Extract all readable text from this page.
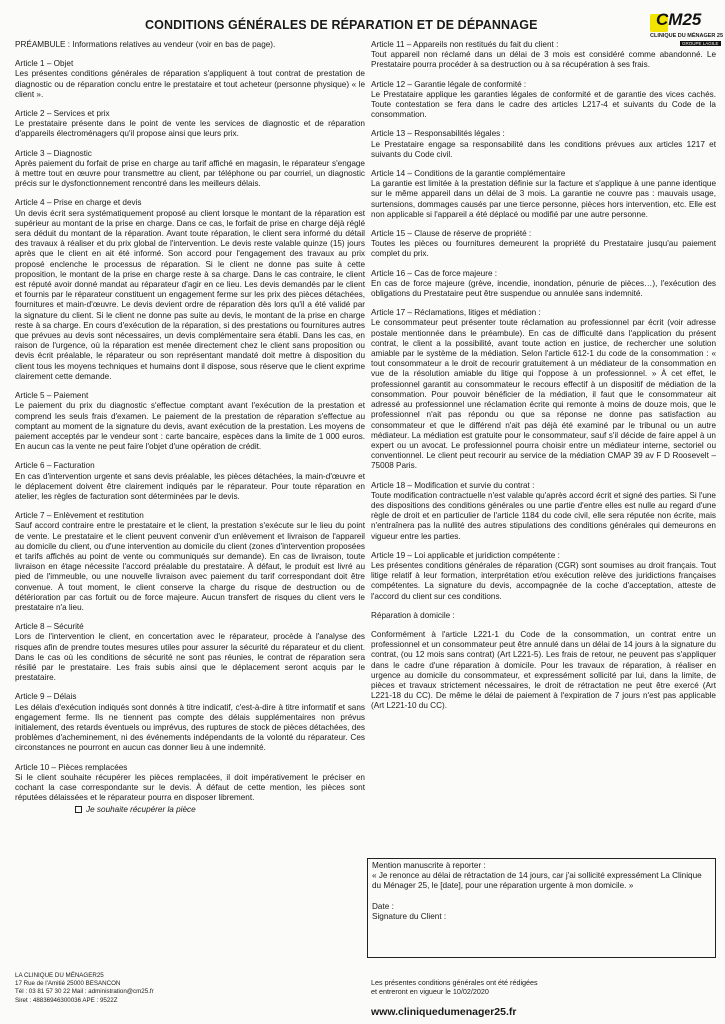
CONDITIONS GÉNÉRALES DE RÉPARATION ET DE DÉPANNAGE	CM25
CLINIQUE DU MÉNAGER 25
GROUPE LAGILE
PRÉAMBULE : Informations relatives au vendeur (voir en bas de page).
Article 1 – Objet
Les présentes conditions générales de réparation s'appliquent à tout contrat de prestation de diagnostic ou de réparation conclu entre le prestataire et tout acheteur (personne physique) « le client ».
Article 2 – Services et prix
Le prestataire présente dans le point de vente les services de diagnostic et de réparation d'appareils électroménagers qu'il propose ainsi que leurs prix.
Article 3 – Diagnostic
Après paiement du forfait de prise en charge au tarif affiché en magasin, le réparateur s'engage à mettre tout en œuvre pour transmettre au client, par téléphone ou par courriel, un diagnostic précis sur le dysfonctionnement rencontré dans les meilleurs délais.
Article 4 – Prise en charge et devis
Un devis écrit sera systématiquement proposé au client lorsque le montant de la réparation est supérieur au montant de la prise en charge. Dans ce cas, le forfait de prise en charge déjà réglé sera déduit du montant de la réparation. Avant toute réparation, le client sera informé du détail des travaux à réaliser et du prix global de l'intervention. Le devis reste valable quinze (15) jours après que le client en ait été informé. Son accord pour l'engagement des travaux au prix proposé enclenche le processus de réparation. Si le client ne donne pas suite à cette proposition, le montant de la prise en charge reste à sa charge. Dans le cas contraire, le client est réputé avoir donné mandat au réparateur d'agir en ce lieu. Les devis demandés par le client et fournis par le réparateur constituent un engagement ferme sur les prix des pièces détachées, fournitures et main-d'œuvre. Le devis devient ordre de réparation dès lors qu'il a été validé par la signature du client. Si le client ne donne pas suite au devis, le montant de la prise en charge reste à sa charge. En cours d'exécution de la réparation, si des prestations ou fournitures autres que prévues au devis sont nécessaires, un devis complémentaire sera établi. Dans les cas, en raison de l'urgence, où la réparation est menée directement chez le client sans proposition ou devis écrit préalable, le réparateur ou son représentant mandaté doit mettre à disposition du client tous les moyens techniques et humains dont il dispose, sous réserve que le client exprime clairement cette demande.
Article 5 – Paiement
Le paiement du prix du diagnostic s'effectue comptant avant l'exécution de la prestation et comprend les seuls frais d'examen. Le paiement de la prestation de réparation s'effectue au comptant au moment de la signature du devis, avant exécution de la prestation. Les moyens de paiement acceptés par le vendeur sont : carte bancaire, espèces dans la limite de 1 000 euros. En aucun cas la vente ne peut faire l'objet d'une opération de crédit.
Article 6 – Facturation
En cas d'intervention urgente et sans devis préalable, les pièces détachées, la main-d'œuvre et le déplacement doivent être clairement indiqués par le réparateur. Pour toute réparation en atelier, les règles de facturation sont déterminées par le devis.
Article 7 – Enlèvement et restitution
Sauf accord contraire entre le prestataire et le client, la prestation s'exécute sur le lieu du point de vente. Le prestataire et le client peuvent convenir d'un enlèvement et livraison de l'appareil au domicile du client, ou d'une intervention au domicile du client (zones d'intervention proposées et tarifs affichés au point de vente ou communiqués sur demande). En cas de livraison, toute livraison en étage nécessite l'accord préalable du prestataire. À défaut, le produit est livré au pied de l'immeuble, ou une nouvelle livraison avec paiement du tarif correspondant doit être convenue. À tout moment, le client conserve la charge du risque de destruction ou de détérioration par cas fortuit ou de force majeure. Aucun transfert de risques du client vers le prestataire n'a lieu.
Article 8 – Sécurité
Lors de l'intervention le client, en concertation avec le réparateur, procède à l'analyse des risques afin de prendre toutes mesures utiles pour assurer la sécurité du réparateur et du client. Dans le cas où les conditions de sécurité ne sont pas réunies, le contrat de réparation sera résilié par le prestataire. Les frais subis ainsi que le déplacement seront acquis par le prestataire.
Article 9 – Délais
Les délais d'exécution indiqués sont donnés à titre indicatif, c'est-à-dire à titre informatif et sans engagement ferme. Ils ne tiennent pas compte des délais supplémentaires non prévus initialement, des retards éventuels ou imprévus, des ruptures de stock de pièces détachées, des problèmes d'acheminement, ni des événements indépendants de la volonté du réparateur. Ces circonstances ne pourront en aucun cas donner lieu à une indemnité.
Article 10 – Pièces remplacées
Si le client souhaite récupérer les pièces remplacées, il doit impérativement le préciser en cochant la case correspondante sur le devis. À défaut de cette mention, les pièces sont réputées délaissées et le réparateur pourra en disposer librement.
Je souhaite récupérer la pièce
Article 11 – Appareils non restitués du fait du client :
Tout appareil non réclamé dans un délai de 3 mois est considéré comme abandonné. Le Prestataire pourra procéder à sa destruction ou à sa récupération à ses frais.
Article 12 – Garantie légale de conformité :
Le Prestataire applique les garanties légales de conformité et de garantie des vices cachés. Toute contestation se fera dans le cadre des articles L217-4 et suivants du Code de la consommation.
Article 13 – Responsabilités légales :
Le Prestataire engage sa responsabilité dans les conditions prévues aux articles 1217 et suivants du Code civil.
Article 14 – Conditions de la garantie complémentaire
La garantie est limitée à la prestation définie sur la facture et s'applique à une panne identique sur le même appareil dans un délai de 3 mois. La garantie ne couvre pas : mauvais usage, surtensions, dommages causés par une tierce personne, pièces hors intervention, etc. Elle est non applicable si l'appareil a été déplacé ou modifié par une autre personne.
Article 15 – Clause de réserve de propriété :
Toutes les pièces ou fournitures demeurent la propriété du Prestataire jusqu'au paiement complet du prix.
Article 16 – Cas de force majeure :
En cas de force majeure (grève, incendie, inondation, pénurie de pièces…), l'exécution des obligations du Prestataire peut être suspendue ou annulée sans indemnité.
Article 17 – Réclamations, litiges et médiation :
Le consommateur peut présenter toute réclamation au professionnel par écrit (voir adresse postale mentionnée dans le préambule). En cas de difficulté dans l'application du présent contrat, le client a la possibilité, avant toute action en justice, de rechercher une solution amiable par le système de la médiation. Selon l'article 612-1 du code de la consommation : « tout consommateur a le droit de recourir gratuitement à un médiateur de la consommation en vue de la résolution amiable du litige qui l'oppose à un professionnel. » À cet effet, le professionnel garantit au consommateur le recours effectif à un dispositif de médiation de la consommation. Pour pouvoir bénéficier de la médiation, il faut que le consommateur ait adressé au professionnel une réclamation écrite qui remonte à moins de douze mois, que le professionnel n'ait pas répondu ou que sa réponse ne donne pas satisfaction au consommateur et que le différend n'ait pas déjà été examiné par le tribunal ou un autre médiateur. La médiation est gratuite pour le consommateur, sauf s'il décide de faire appel à un expert ou un avocat. Le professionnel pourra choisir entre un médiateur interne, sectoriel ou conventionnel. Le client peut recourir au service de la médiation CMAP 39 av F D Roosevelt – 75008 Paris.
Article 18 – Modification et survie du contrat :
Toute modification contractuelle n'est valable qu'après accord écrit et signé des parties. Si l'une des dispositions des conditions générales ou une partie d'entre elles est nulle au regard d'une règle de droit et en particulier de l'article 1184 du code civil, elle sera réputée non écrite, mais n'entraînera pas la nullité des autres stipulations des conditions générales qui demeurons en vigueur entre les parties.
Article 19 – Loi applicable et juridiction compétente :
Les présentes conditions générales de réparation (CGR) sont soumises au droit français. Tout litige relatif à leur formation, interprétation et/ou exécution relève des juridictions françaises compétentes. La signature du devis, accompagnée de la coche d'acceptation, atteste de l'accord du client sur ces conditions.
Réparation à domicile :
Conformément à l'article L221-1 du Code de la consommation, un contrat entre un professionnel et un consommateur peut être annulé dans un délai de 14 jours à la signature du contrat, (ou 12 mois sans contrat) (Art L221-5). Les frais de retour, ne peuvent pas s'appliquer dans le cadre d'une réparation à domicile. Pour les travaux de réparation, à réaliser en urgence au domicile du consommateur, et expressément sollicité par lui, dans la limite, de pièces et travaux strictement nécessaires, le droit de rétractation ne peut être exercé (Art L221-18 du CC). De même le délai de paiement à l'expiration de 7 jours n'est pas applicable (Art L221-10 du CC).
Mention manuscrite à reporter :
« Je renonce au délai de rétractation de 14 jours, car j'ai sollicité expressément La Clinique du Ménager 25, le [date], pour une réparation urgente à mon domicile. »
Date :
Signature du Client :
LA CLINIQUE DU MÉNAGER25
17 Rue de l'Amitié 25000 BESANCON
Tél : 03 81 57 30 22 Mail : administration@cm25.fr
Siret : 48836946300036 APE : 9522Z
Les présentes conditions générales ont été rédigées
et entreront en vigueur le 10/02/2020
www.cliniquedumenager25.fr
